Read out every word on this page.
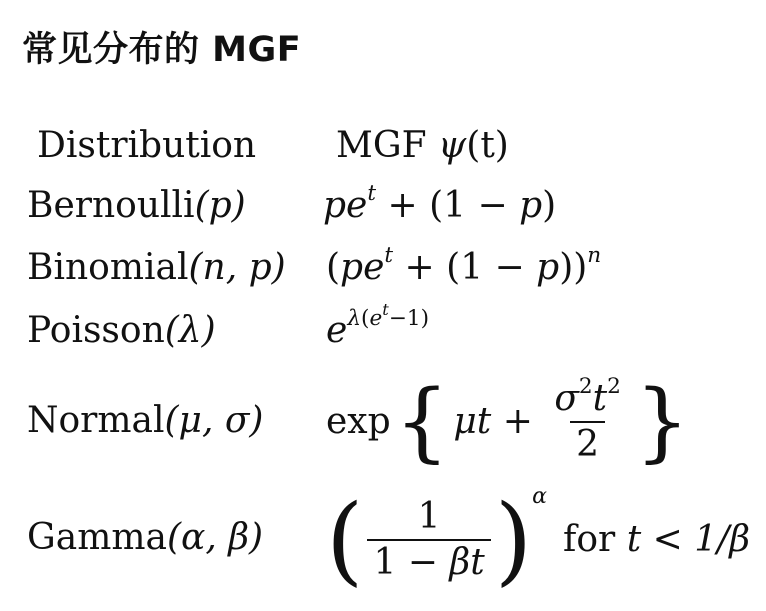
常见分布的 MGF
Distribution MGF ψ(t)
Bernoulli(p) $pe^t + (1 - p)$
Binomial(n, p) $(pe^t + (1 - p))^n$
Poisson(λ)	$e^{\lambda(e^t-1)}$
Normal(μ, σ) exp { $\mu t + \frac{\sigma^2t^2}{2}$ }
Gamma(α, β) ( $\frac{1}{1 - \beta t}$ ) α
for
t < 1/β
